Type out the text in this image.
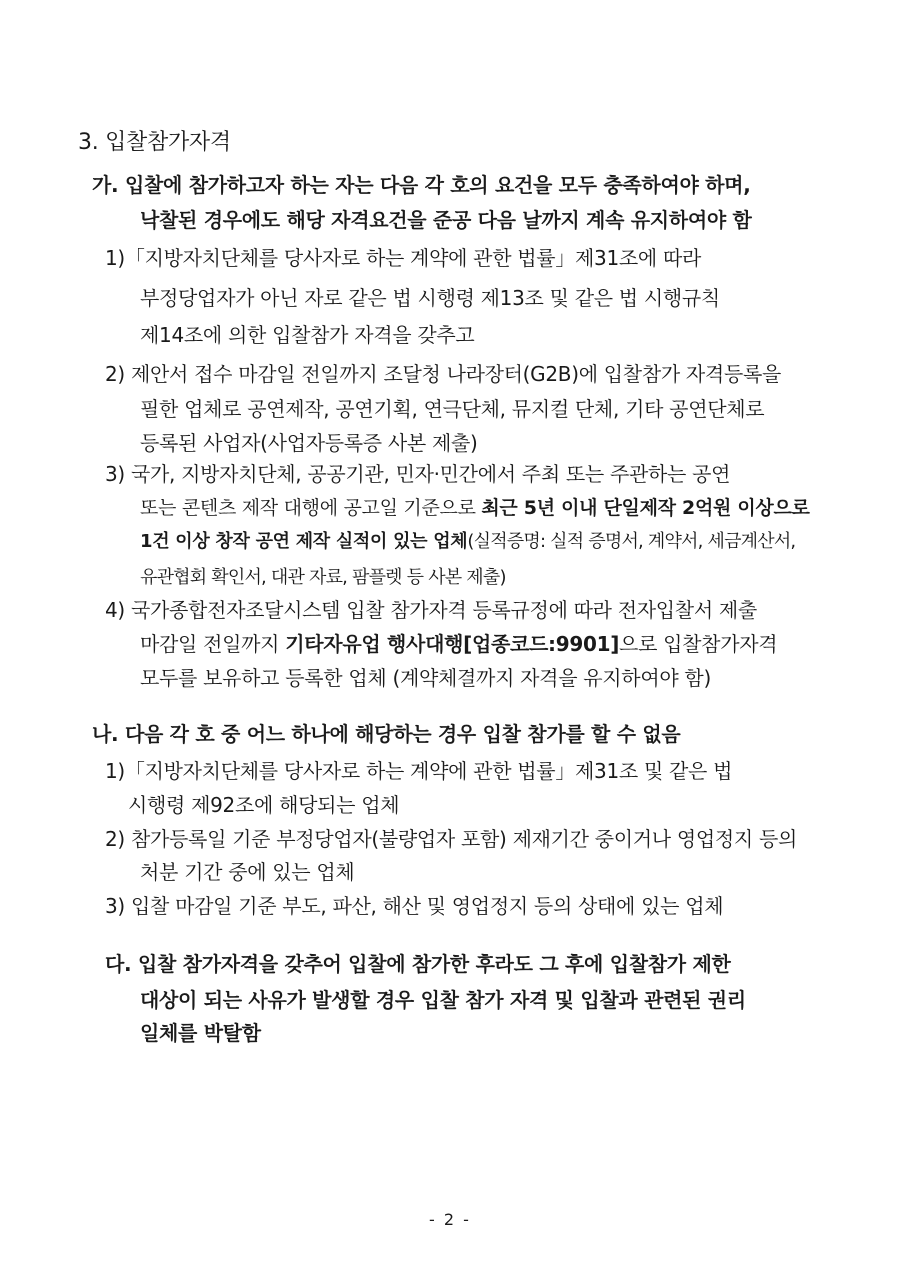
3. 입찰참가자격
가. 입찰에 참가하고자 하는 자는 다음 각 호의 요건을 모두 충족하여야 하며,
낙찰된 경우에도 해당 자격요건을 준공 다음 날까지 계속 유지하여야 함
1)「지방자치단체를 당사자로 하는 계약에 관한 법률」제31조에 따라
부정당업자가 아닌 자로 같은 법 시행령 제13조 및 같은 법 시행규칙
제14조에 의한 입찰참가 자격을 갖추고
2) 제안서 접수 마감일 전일까지 조달청 나라장터(G2B)에 입찰참가 자격등록을
필한 업체로 공연제작, 공연기획, 연극단체, 뮤지컬 단체, 기타 공연단체로
등록된 사업자(사업자등록증 사본 제출)
3) 국가, 지방자치단체, 공공기관, 민자·민간에서 주최 또는 주관하는 공연
또는 콘텐츠 제작 대행에 공고일 기준으로 최근 5년 이내 단일제작 2억원 이상으로
1건 이상 창작 공연 제작 실적이 있는 업체(실적증명: 실적 증명서, 계약서, 세금계산서,
유관협회 확인서, 대관 자료, 팜플렛 등 사본 제출)
4) 국가종합전자조달시스템 입찰 참가자격 등록규정에 따라 전자입찰서 제출
마감일 전일까지 기타자유업 행사대행[업종코드:9901]으로 입찰참가자격
모두를 보유하고 등록한 업체 (계약체결까지 자격을 유지하여야 함)
나. 다음 각 호 중 어느 하나에 해당하는 경우 입찰 참가를 할 수 없음
1)「지방자치단체를 당사자로 하는 계약에 관한 법률」제31조 및 같은 법
시행령 제92조에 해당되는 업체
2) 참가등록일 기준 부정당업자(불량업자 포함) 제재기간 중이거나 영업정지 등의
처분 기간 중에 있는 업체
3) 입찰 마감일 기준 부도, 파산, 해산 및 영업정지 등의 상태에 있는 업체
다. 입찰 참가자격을 갖추어 입찰에 참가한 후라도 그 후에 입찰참가 제한
대상이 되는 사유가 발생할 경우 입찰 참가 자격 및 입찰과 관련된 권리
일체를 박탈함
- 2 -
